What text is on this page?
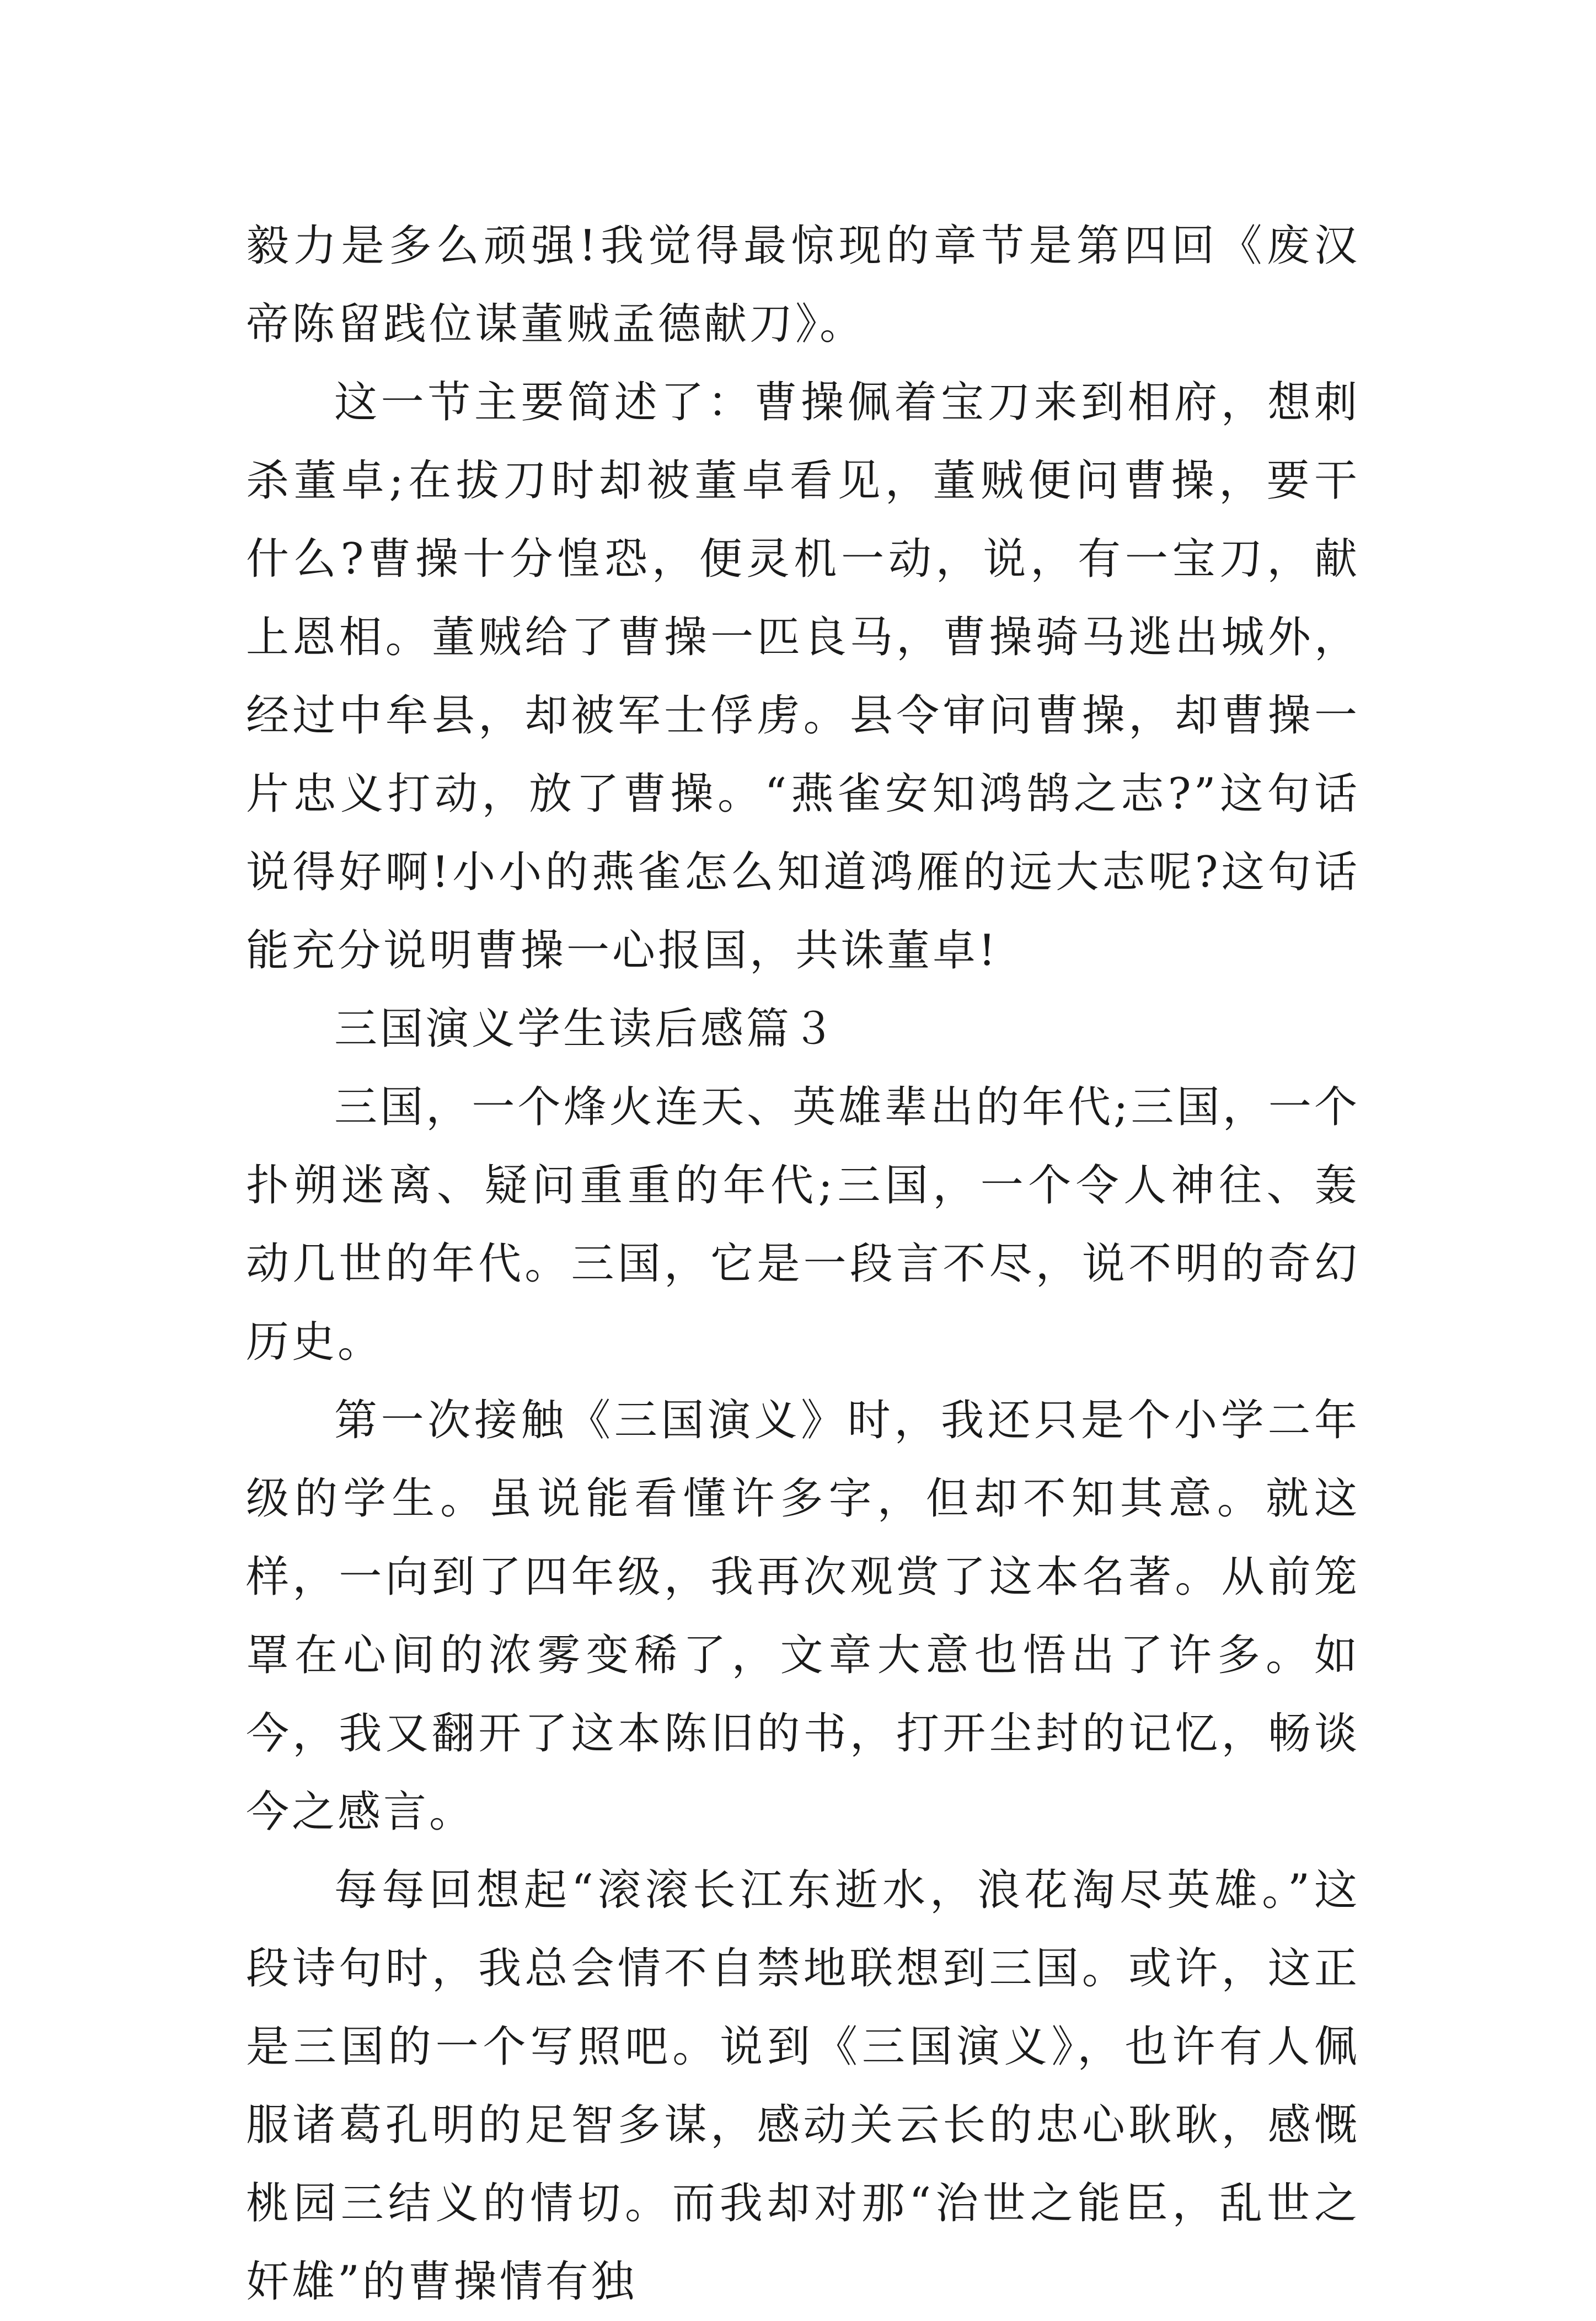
毅力是多么顽强!我觉得最惊现的章节是第四回《废汉帝陈留践位谋董贼孟德献刀》。

这一节主要简述了：曹操佩着宝刀来到相府，想刺杀董卓;在拔刀时却被董卓看见，董贼便问曹操，要干什么?曹操十分惶恐，便灵机一动，说，有一宝刀，献上恩相。董贼给了曹操一匹良马，曹操骑马逃出城外，经过中牟县，却被军士俘虏。县令审问曹操，却曹操一片忠义打动，放了曹操。“燕雀安知鸿鹄之志?”这句话说得好啊!小小的燕雀怎么知道鸿雁的远大志呢?这句话能充分说明曹操一心报国，共诛董卓!

三国演义学生读后感篇３

三国，一个烽火连天、英雄辈出的年代;三国，一个扑朔迷离、疑问重重的年代;三国，一个令人神往、轰动几世的年代。三国，它是一段言不尽，说不明的奇幻历史。

第一次接触《三国演义》时，我还只是个小学二年级的学生。虽说能看懂许多字，但却不知其意。就这样，一向到了四年级，我再次观赏了这本名著。从前笼罩在心间的浓雾变稀了，文章大意也悟出了许多。如今，我又翻开了这本陈旧的书，打开尘封的记忆，畅谈今之感言。

每每回想起“滚滚长江东逝水，浪花淘尽英雄。”这段诗句时，我总会情不自禁地联想到三国。或许，这正是三国的一个写照吧。说到《三国演义》，也许有人佩服诸葛孔明的足智多谋，感动关云长的忠心耿耿，感慨桃园三结义的情切。而我却对那“治世之能臣，乱世之奸雄”的曹操情有独
